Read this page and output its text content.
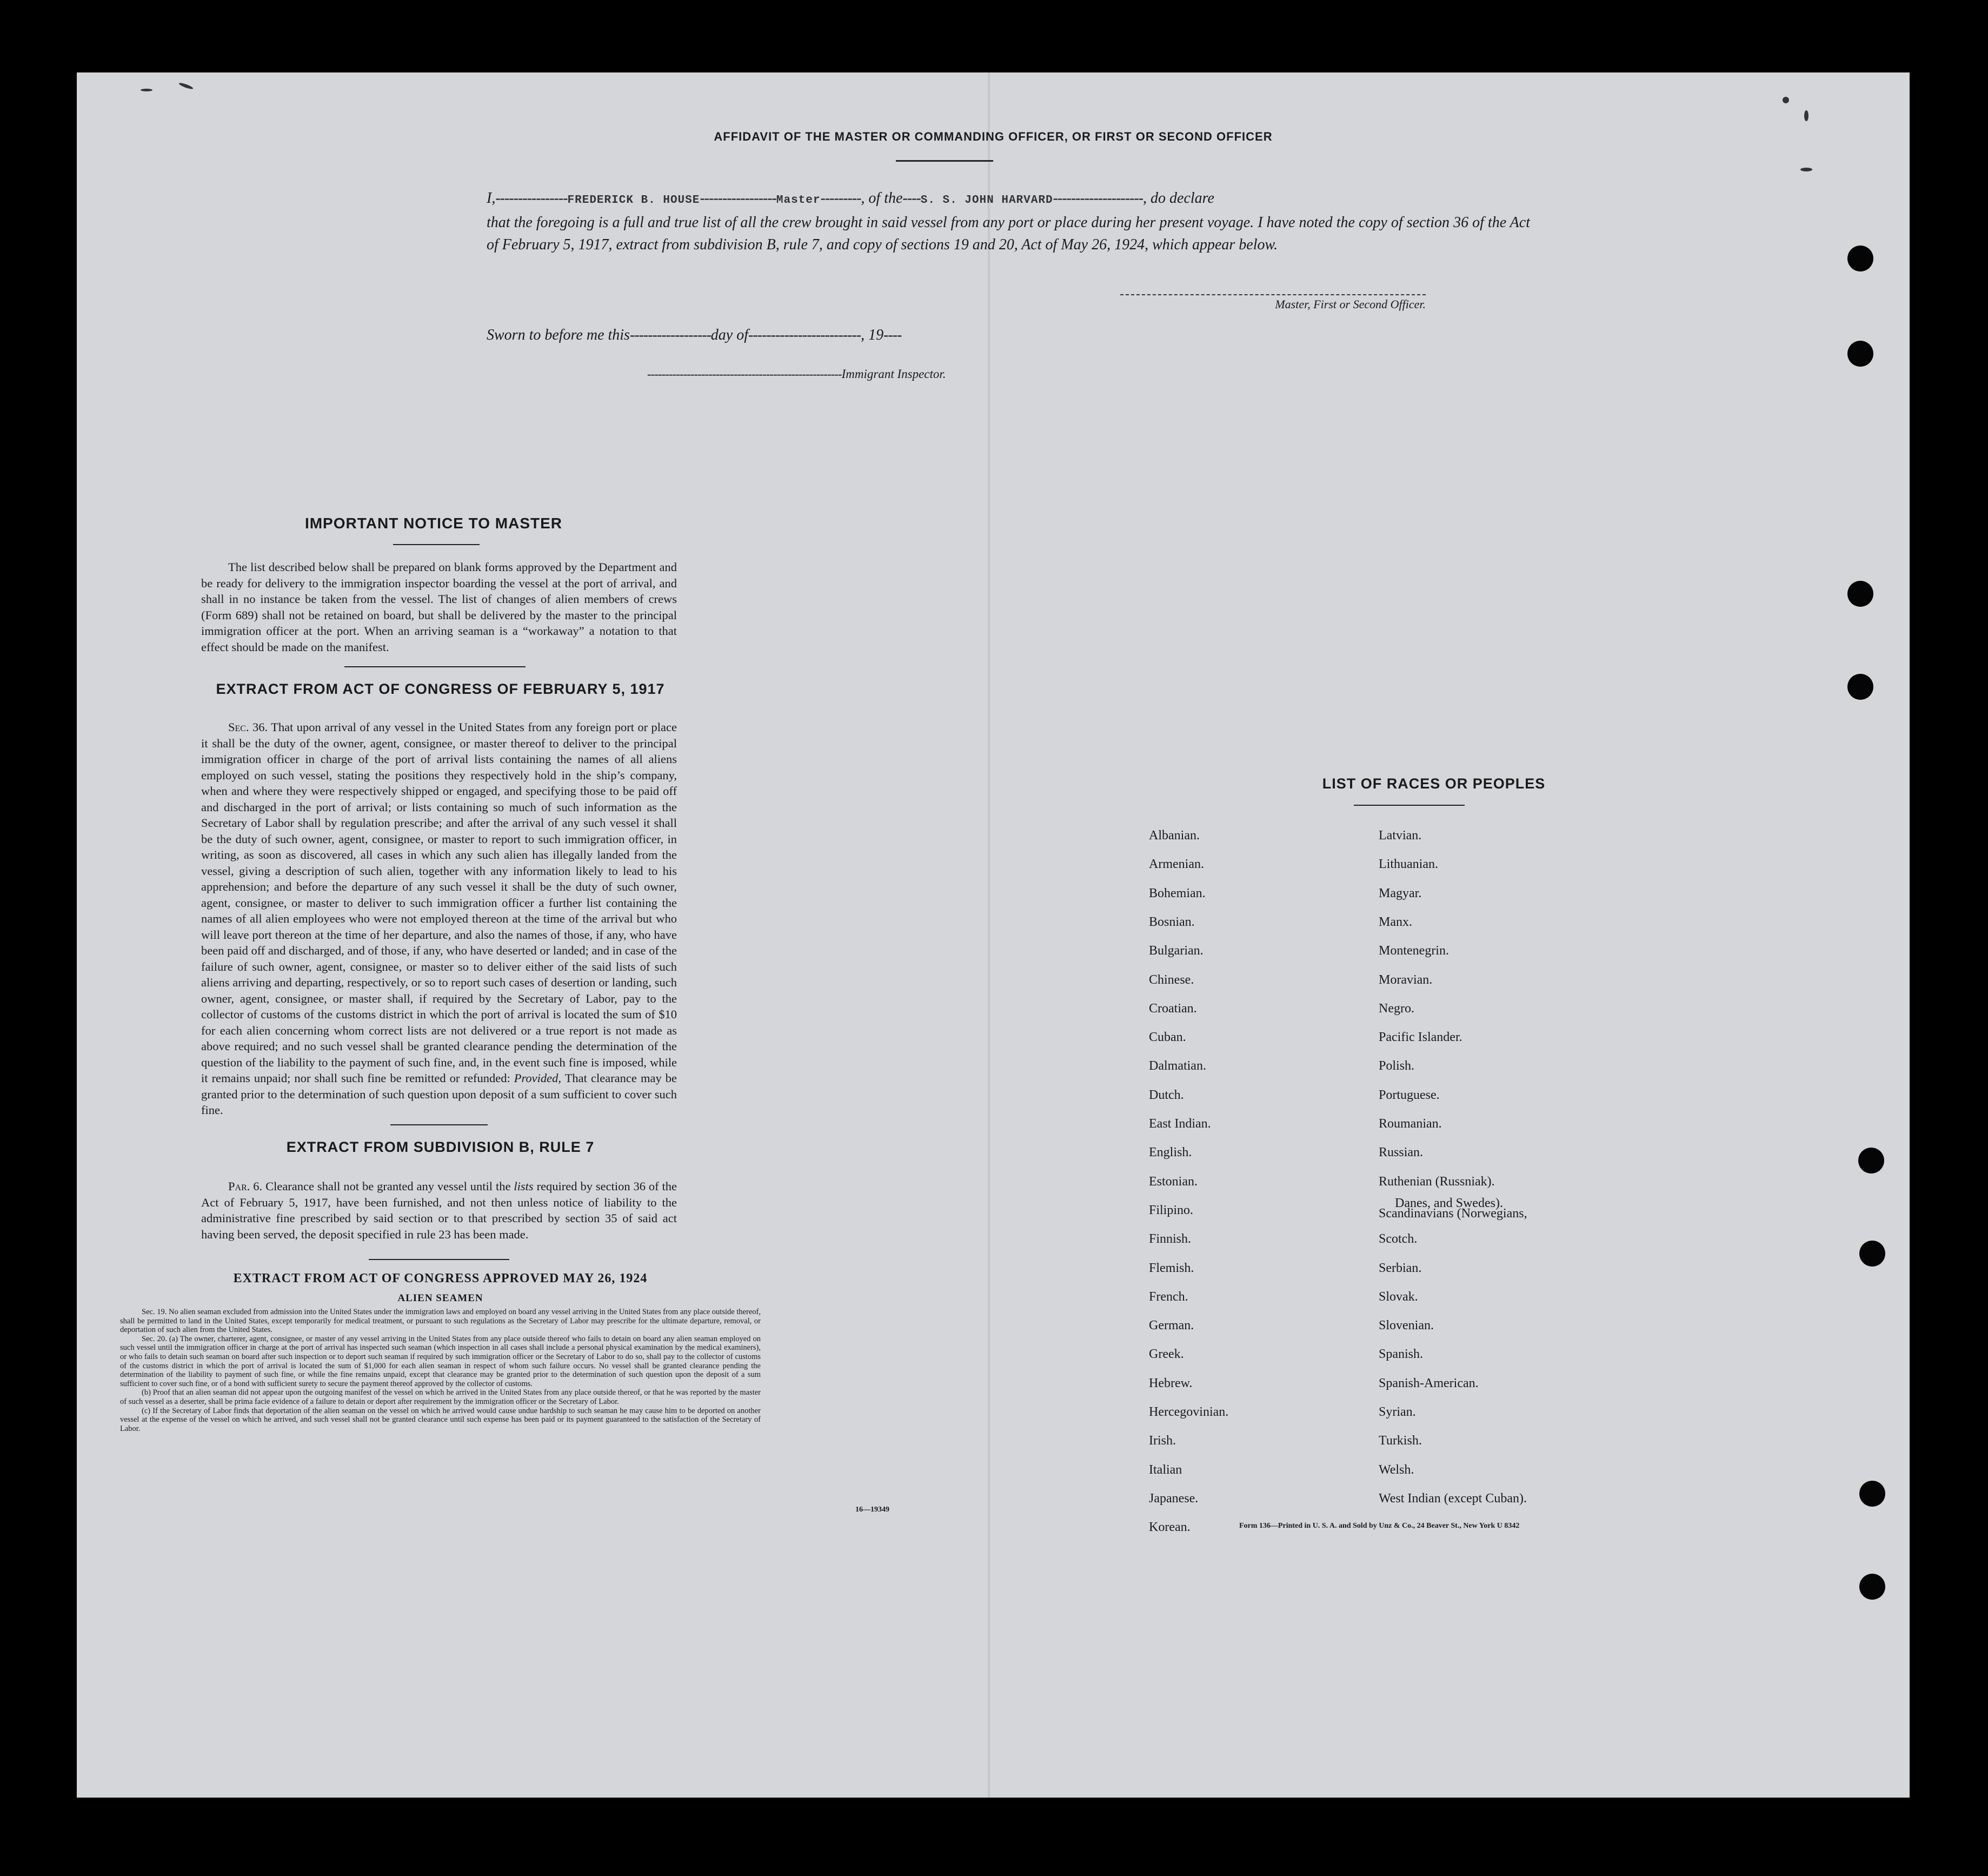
AFFIDAVIT OF THE MASTER OR COMMANDING OFFICER, OR FIRST OR SECOND OFFICER
I,----------------FREDERICK B. HOUSE-----------------Master---------, of the----S. S. JOHN HARVARD--------------------, do declare
that the foregoing is a full and true list of all the crew brought in said vessel from any port or place during her present voyage. I have noted the copy of section 36 of the Act of February 5, 1917, extract from subdivision B, rule 7, and copy of sections 19 and 20, Act of May 26, 1924, which appear below.
Master, First or Second Officer.
Sworn to before me this------------------day of-------------------------, 19----
------------------------------------------------------Immigrant Inspector.
IMPORTANT NOTICE TO MASTER
The list described below shall be prepared on blank forms approved by the Department and be ready for delivery to the immigration inspector boarding the vessel at the port of arrival, and shall in no instance be taken from the vessel. The list of changes of alien members of crews (Form 689) shall not be retained on board, but shall be delivered by the master to the principal immigration officer at the port. When an arriving seaman is a “workaway” a notation to that effect should be made on the manifest.
EXTRACT FROM ACT OF CONGRESS OF FEBRUARY 5, 1917
Sec. 36. That upon arrival of any vessel in the United States from any foreign port or place it shall be the duty of the owner, agent, consignee, or master thereof to deliver to the principal immigration officer in charge of the port of arrival lists containing the names of all aliens employed on such vessel, stating the positions they respectively hold in the ship’s company, when and where they were respectively shipped or engaged, and specifying those to be paid off and discharged in the port of arrival; or lists containing so much of such information as the Secretary of Labor shall by regulation prescribe; and after the arrival of any such vessel it shall be the duty of such owner, agent, consignee, or master to report to such immigration officer, in writing, as soon as discovered, all cases in which any such alien has illegally landed from the vessel, giving a description of such alien, together with any information likely to lead to his apprehension; and before the departure of any such vessel it shall be the duty of such owner, agent, consignee, or master to deliver to such immigration officer a further list containing the names of all alien employees who were not employed thereon at the time of the arrival but who will leave port thereon at the time of her departure, and also the names of those, if any, who have been paid off and discharged, and of those, if any, who have deserted or landed; and in case of the failure of such owner, agent, consignee, or master so to deliver either of the said lists of such aliens arriving and departing, respectively, or so to report such cases of desertion or landing, such owner, agent, consignee, or master shall, if required by the Secretary of Labor, pay to the collector of customs of the customs district in which the port of arrival is located the sum of $10 for each alien concerning whom correct lists are not delivered or a true report is not made as above required; and no such vessel shall be granted clearance pending the determination of the question of the liability to the payment of such fine, and, in the event such fine is imposed, while it remains unpaid; nor shall such fine be remitted or refunded: Provided, That clearance may be granted prior to the determination of such question upon deposit of a sum sufficient to cover such fine.
EXTRACT FROM SUBDIVISION B, RULE 7
Par. 6. Clearance shall not be granted any vessel until the lists required by section 36 of the Act of February 5, 1917, have been furnished, and not then unless notice of liability to the administrative fine prescribed by said section or to that prescribed by section 35 of said act having been served, the deposit specified in rule 23 has been made.
EXTRACT FROM ACT OF CONGRESS APPROVED MAY 26, 1924
ALIEN SEAMEN
Sec. 19. No alien seaman excluded from admission into the United States under the immigration laws and employed on board any vessel arriving in the United States from any place outside thereof, shall be permitted to land in the United States, except temporarily for medical treatment, or pursuant to such regulations as the Secretary of Labor may prescribe for the ultimate departure, removal, or deportation of such alien from the United States.
Sec. 20. (a) The owner, charterer, agent, consignee, or master of any vessel arriving in the United States from any place outside thereof who fails to detain on board any alien seaman employed on such vessel until the immigration officer in charge at the port of arrival has inspected such seaman (which inspection in all cases shall include a personal physical examination by the medical examiners), or who fails to detain such seaman on board after such inspection or to deport such seaman if required by such immigration officer or the Secretary of Labor to do so, shall pay to the collector of customs of the customs district in which the port of arrival is located the sum of $1,000 for each alien seaman in respect of whom such failure occurs. No vessel shall be granted clearance pending the determination of the liability to payment of such fine, or while the fine remains unpaid, except that clearance may be granted prior to the determination of such question upon the deposit of a sum sufficient to cover such fine, or of a bond with sufficient surety to secure the payment thereof approved by the collector of customs.
(b) Proof that an alien seaman did not appear upon the outgoing manifest of the vessel on which he arrived in the United States from any place outside thereof, or that he was reported by the master of such vessel as a deserter, shall be prima facie evidence of a failure to detain or deport after requirement by the immigration officer or the Secretary of Labor.
(c) If the Secretary of Labor finds that deportation of the alien seaman on the vessel on which he arrived would cause undue hardship to such seaman he may cause him to be deported on another vessel at the expense of the vessel on which he arrived, and such vessel shall not be granted clearance until such expense has been paid or its payment guaranteed to the satisfaction of the Secretary of Labor.
16—19349
LIST OF RACES OR PEOPLES
Albanian.
Armenian.
Bohemian.
Bosnian.
Bulgarian.
Chinese.
Croatian.
Cuban.
Dalmatian.
Dutch.
East Indian.
English.
Estonian.
Filipino.
Finnish.
Flemish.
French.
German.
Greek.
Hebrew.
Hercegovinian.
Irish.
Italian
Japanese.
Korean.
Latvian.
Lithuanian.
Magyar.
Manx.
Montenegrin.
Moravian.
Negro.
Pacific Islander.
Polish.
Portuguese.
Roumanian.
Russian.
Ruthenian (Russniak).
Scandinavians (Norwegians,
Danes, and Swedes).
Scotch.
Serbian.
Slovak.
Slovenian.
Spanish.
Spanish-American.
Syrian.
Turkish.
Welsh.
West Indian (except Cuban).
Form 136—Printed in U. S. A. and Sold by Unz & Co., 24 Beaver St., New York U 8342
